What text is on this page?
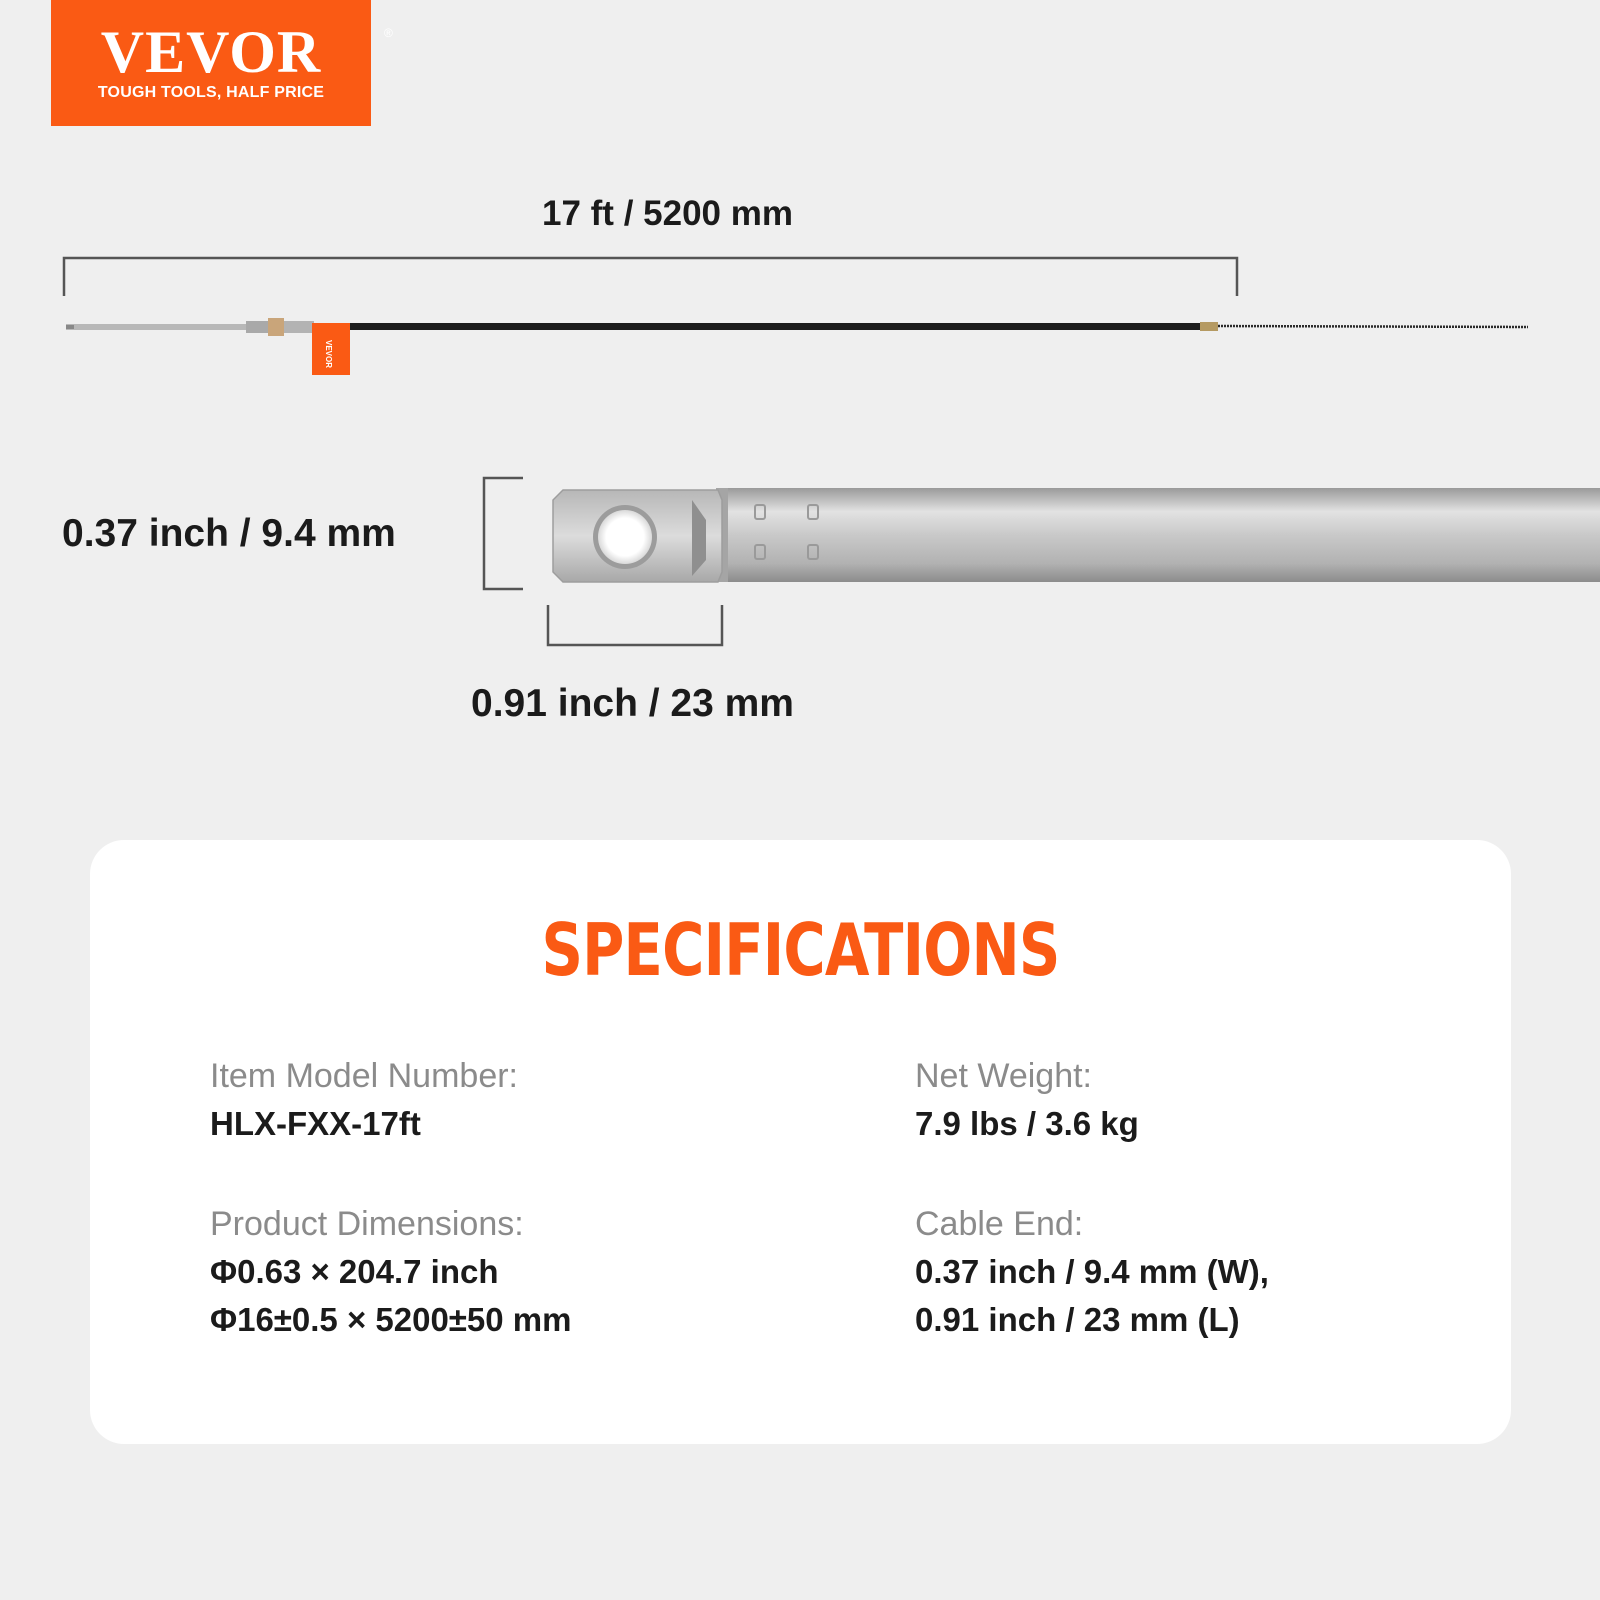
VEVOR	®
TOUGH TOOLS, HALF PRICE
VEVOR
17 ft / 5200 mm
0.37 inch / 9.4 mm
0.91 inch / 23 mm
SPECIFICATIONS
Item Model Number:
HLX-FXX-17ft
Net Weight:
7.9 lbs / 3.6 kg
Product Dimensions:
Φ0.63 × 204.7 inch
Φ16±0.5 × 5200±50 mm
Cable End:
0.37 inch / 9.4 mm (W),
0.91 inch / 23 mm (L)
